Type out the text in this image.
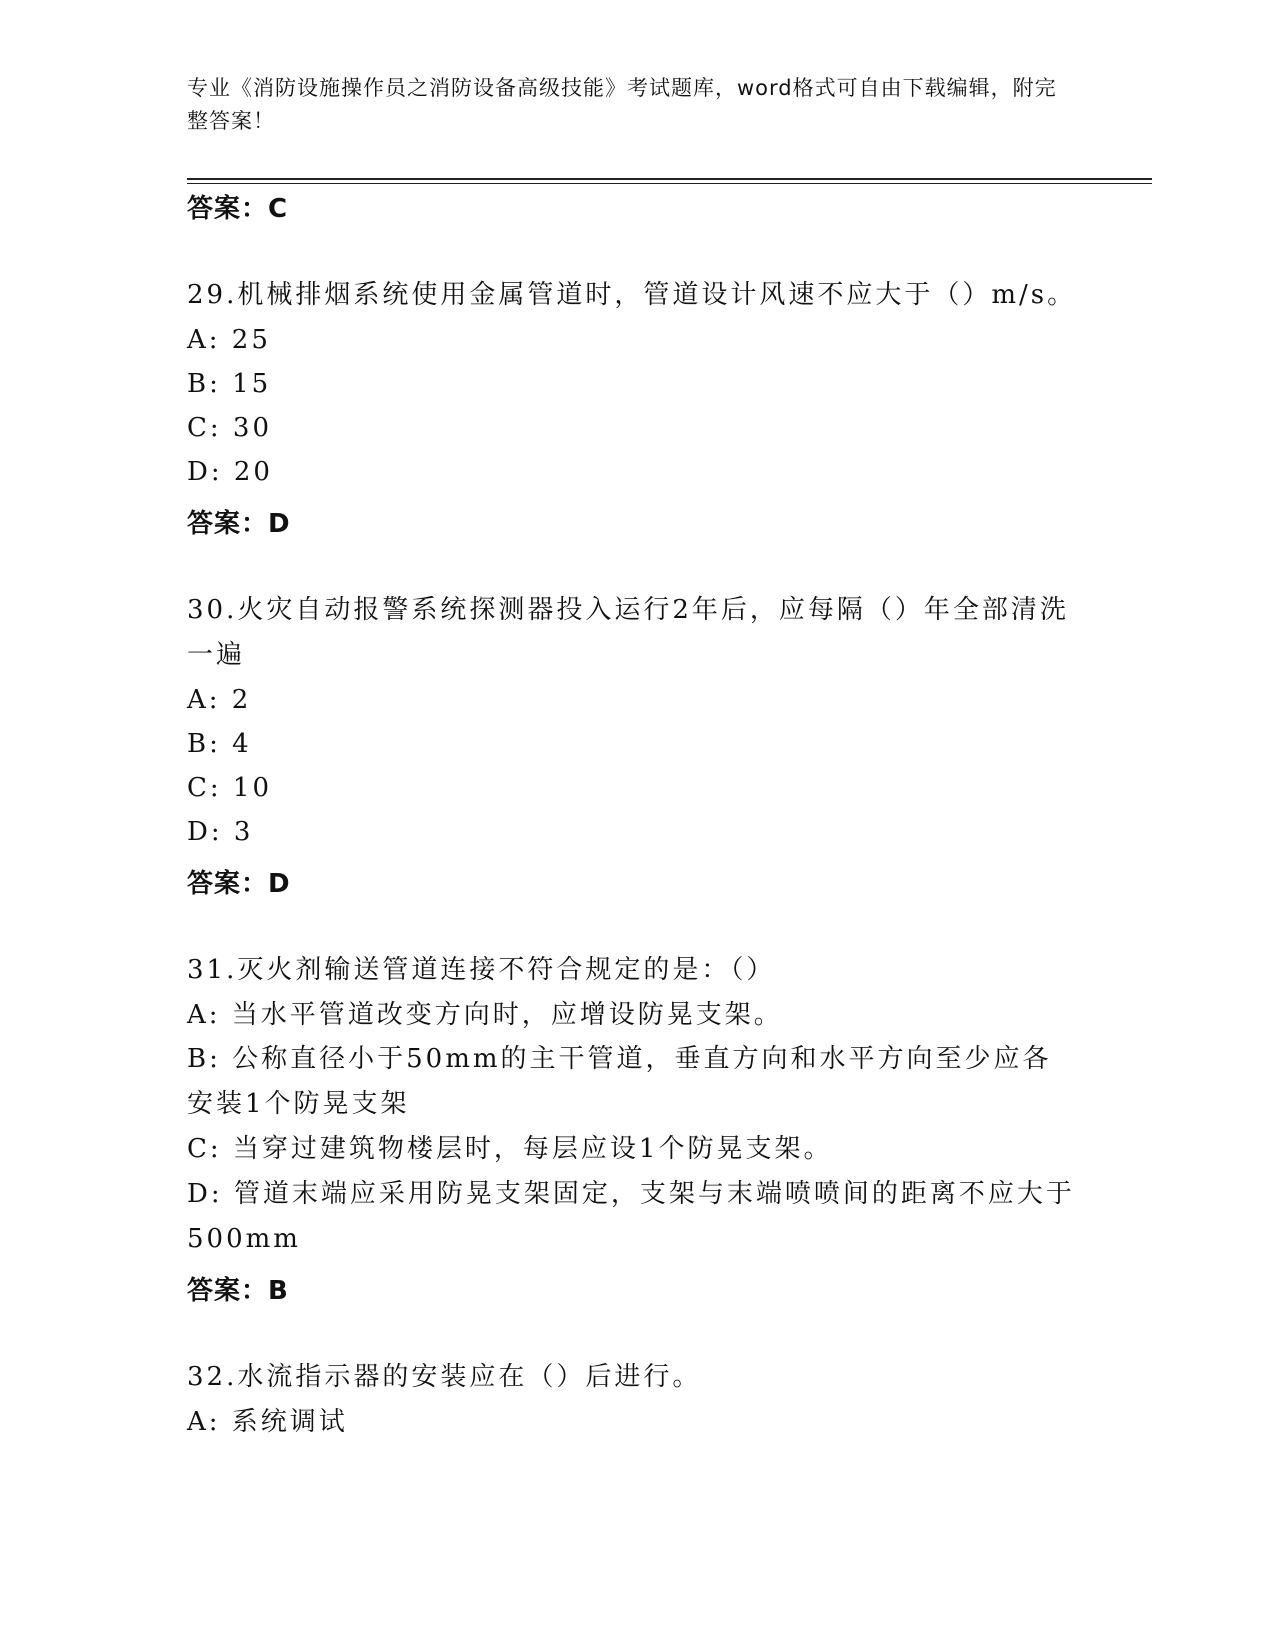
专业《消防设施操作员之消防设备高级技能》考试题库，word格式可自由下载编辑，附完整答案！
答案：C
29.机械排烟系统使用金属管道时，管道设计风速不应大于（）m/s。
A: 25
B: 15
C: 30
D: 20
答案：D
30.火灾自动报警系统探测器投入运行2年后，应每隔（）年全部清洗一遍
A: 2
B: 4
C: 10
D: 3
答案：D
31.灭火剂输送管道连接不符合规定的是：（）
A: 当水平管道改变方向时，应增设防晃支架。
B: 公称直径小于50mm的主干管道，垂直方向和水平方向至少应各安装1个防晃支架
C: 当穿过建筑物楼层时，每层应设1个防晃支架。
D: 管道末端应采用防晃支架固定，支架与末端喷喷间的距离不应大于500mm
答案：B
32.水流指示器的安装应在（）后进行。
A: 系统调试
